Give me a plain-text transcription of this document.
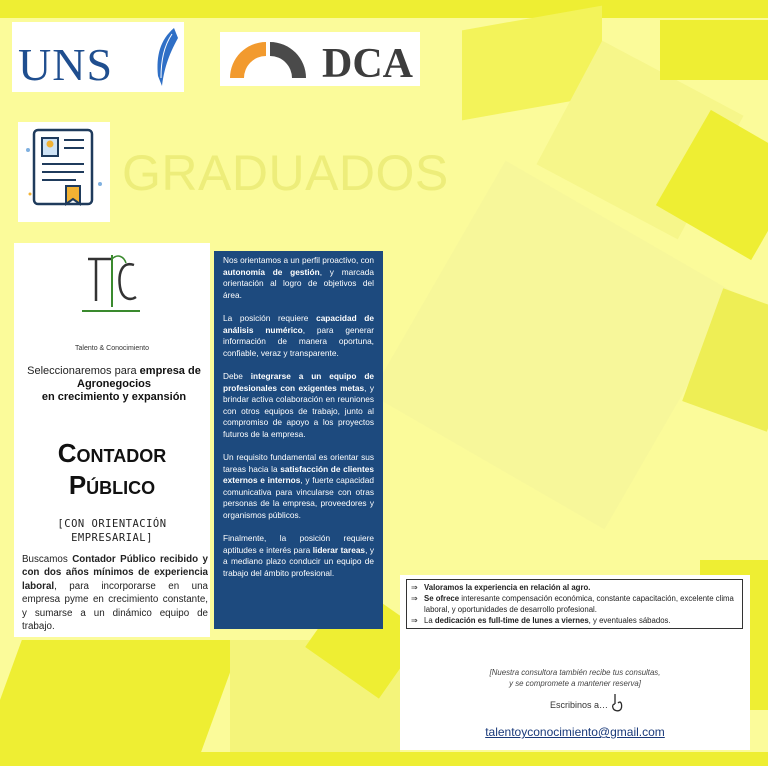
UNS	DCA
GRADUADOS
Talento & Conocimiento
Seleccionaremos para empresa de
Agronegocios
en crecimiento y expansión
Contador
Público
[CON ORIENTACIÓN
EMPRESARIAL]
Buscamos Contador Público recibido y con dos años mínimos de experiencia laboral, para incorporarse en una empresa pyme en crecimiento constante, y sumarse a un dinámico equipo de trabajo.

Nos orientamos a un perfil proactivo, con autonomía de gestión, y marcada orientación al logro de objetivos del área.

La posición requiere capacidad de análisis numérico, para generar información de manera oportuna, confiable, veraz y transparente.

Debe integrarse a un equipo de profesionales con exigentes metas, y brindar activa colaboración en reuniones con otros equipos de trabajo, junto al compromiso de apoyo a los proyectos futuros de la empresa.

Un requisito fundamental es orientar sus tareas hacia la satisfacción de clientes externos e internos, y fuerte capacidad comunicativa para vincularse con otras personas de la empresa, proveedores y organismos públicos.

Finalmente, la posición requiere aptitudes e interés para liderar tareas, y a mediano plazo conducir un equipo de trabajo del ámbito profesional.

⇒ Valoramos la experiencia en relación al agro.
⇒ Se ofrece interesante compensación económica, constante capacitación, excelente clima laboral, y oportunidades de desarrollo profesional.
⇒ La dedicación es full-time de lunes a viernes, y eventuales sábados.
[Nuestra consultora también recibe tus consultas,
y se compromete a mantener reserva]
Escribinos a…
talentoyconocimiento@gmail.com
